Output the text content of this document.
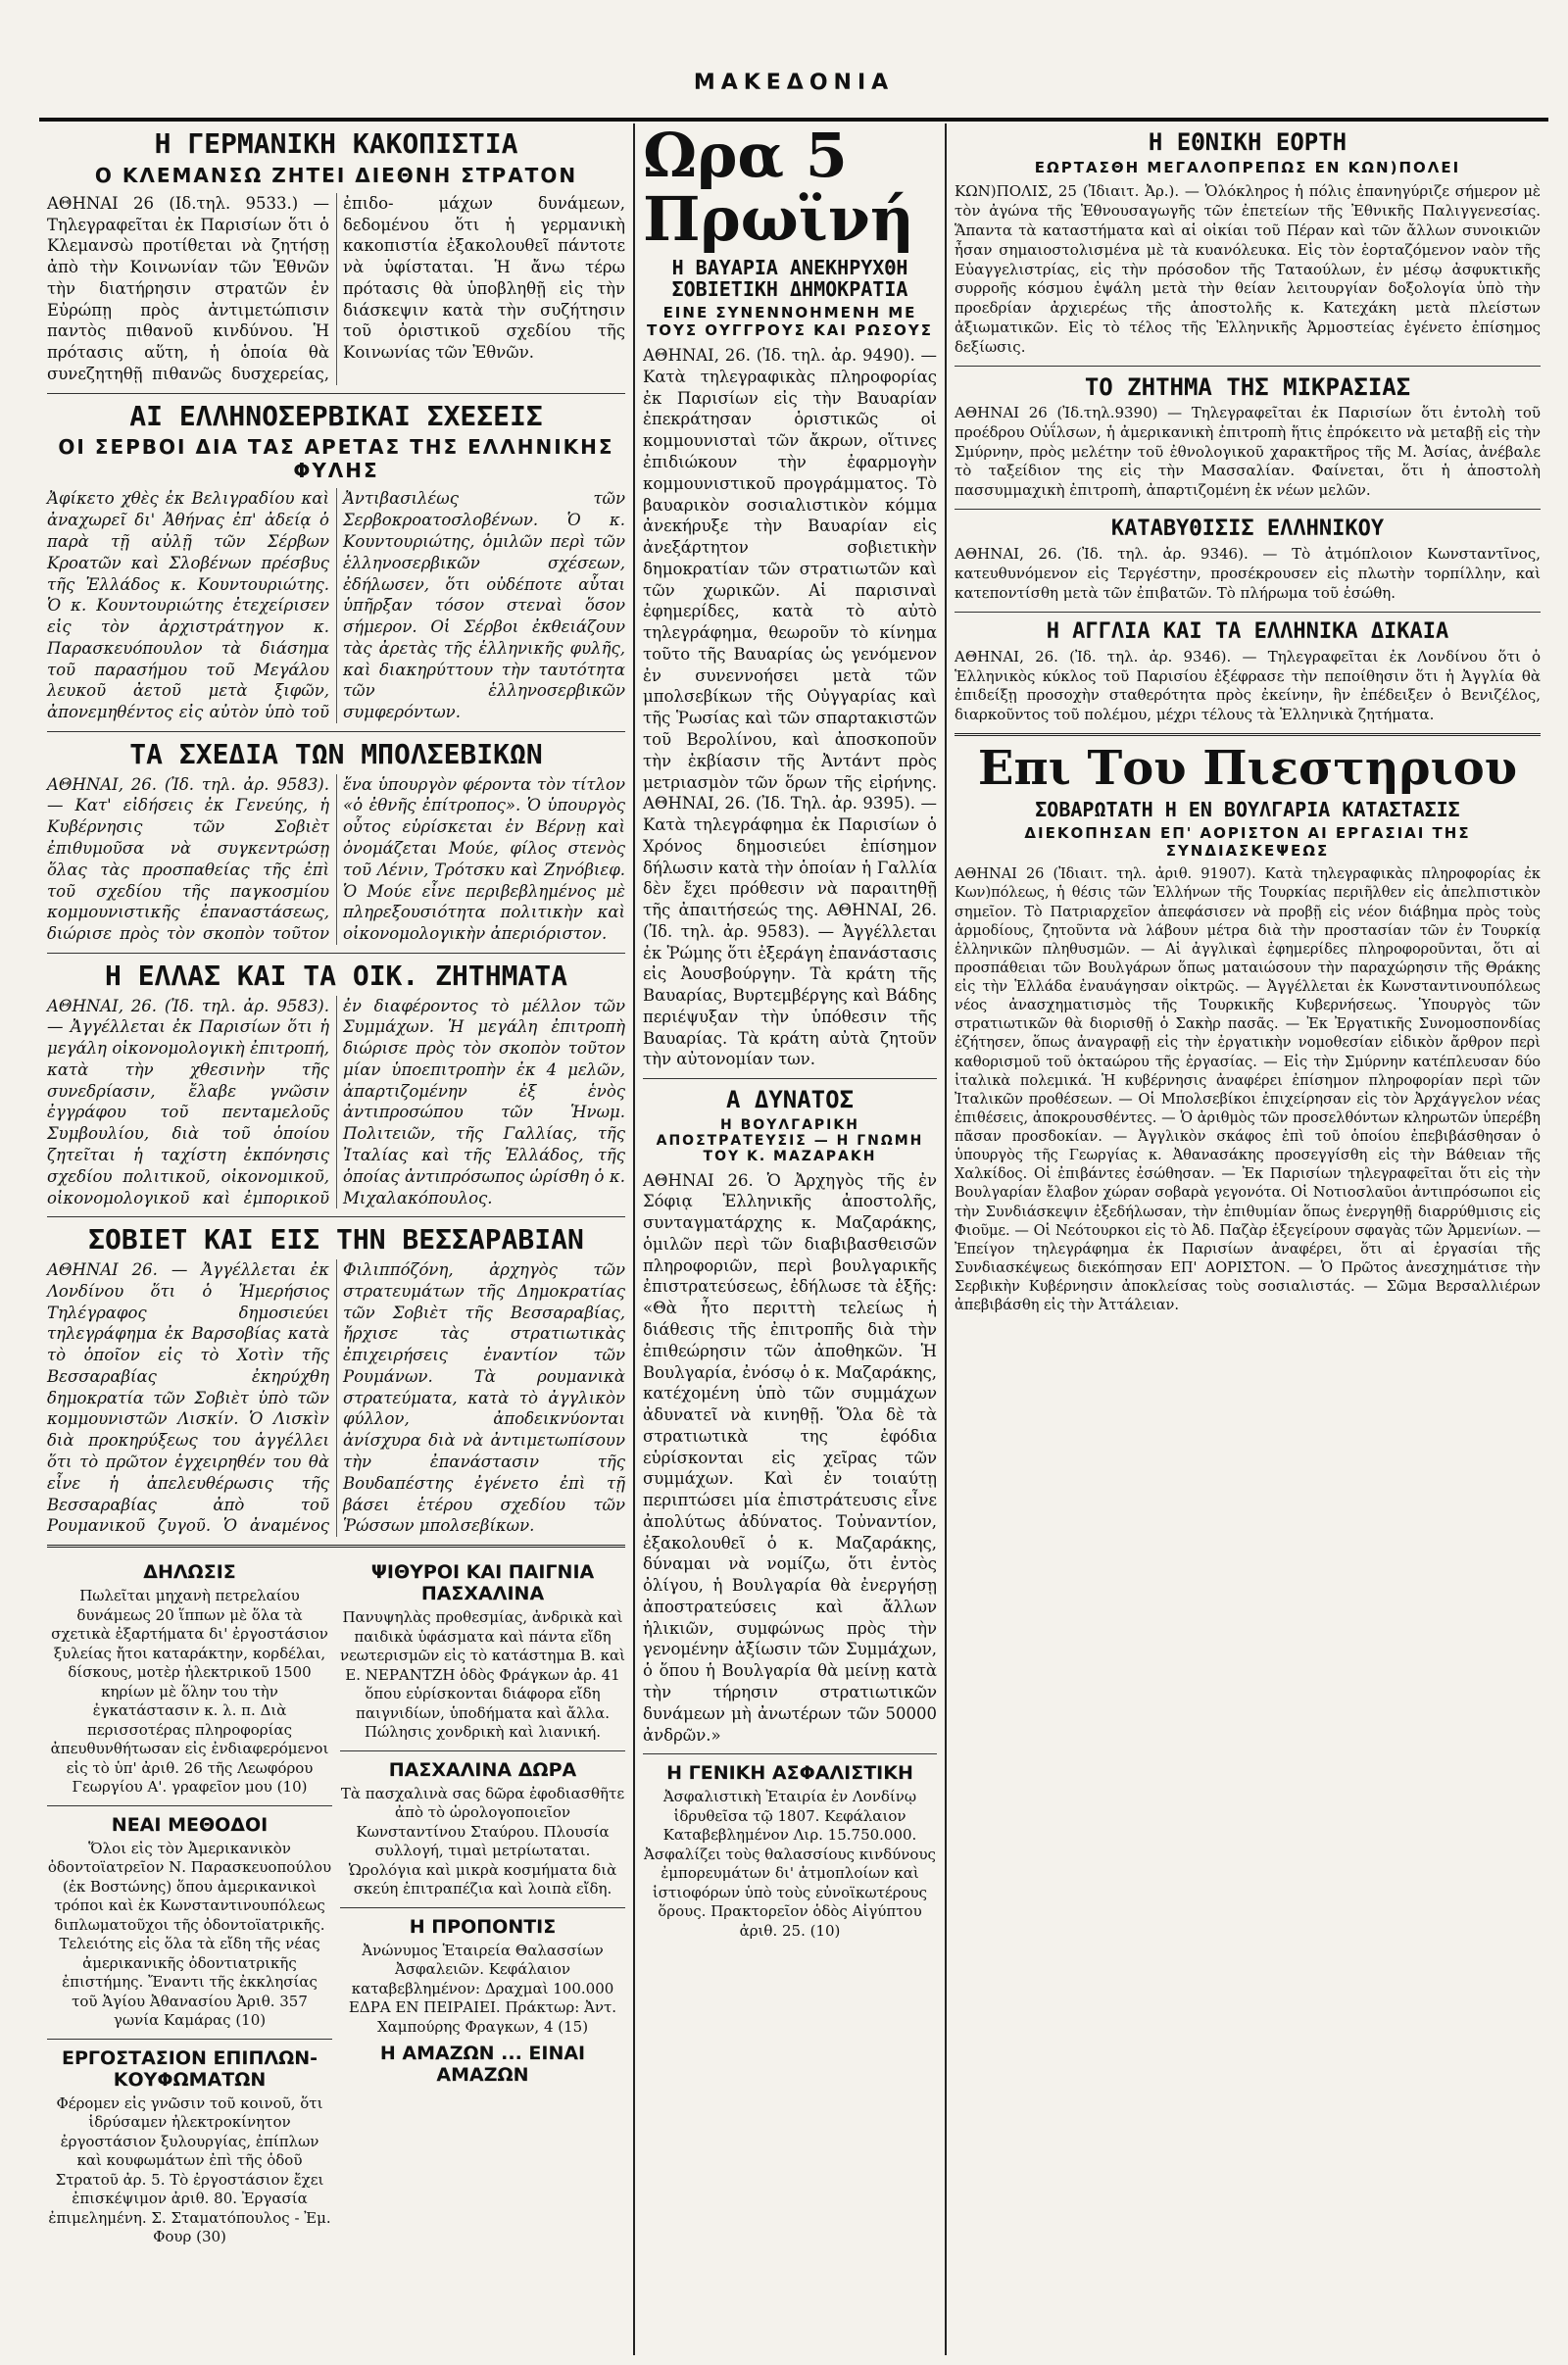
ΜΑΚΕΔΟΝΙΑ
Η ΓΕΡΜΑΝΙΚΗ ΚΑΚΟΠΙΣΤΙΑ
Ο ΚΛΕΜΑΝΣΩ ΖΗΤΕΙ ΔΙΕΘΝΗ ΣΤΡΑΤΟΝ

ΑΘΗΝΑΙ 26 (Ιδ.τηλ. 9533.) — Τηλεγραφεῖται ἐκ Παρισίων ὅτι ὁ Κλεμανσὼ προτίθεται νὰ ζητήσῃ ἀπὸ τὴν Κοινωνίαν τῶν Ἐθνῶν τὴν διατήρησιν στρατῶν ἐν Εὐρώπῃ πρὸς ἀντιμετώπισιν παντὸς πιθανοῦ κινδύνου. Ἡ πρότασις αὕτη, ἡ ὁποία θὰ συνεζητηθῇ πιθανῶς δυσχερείας, ἐπιδο- μάχων δυνάμεων, δεδομένου ὅτι ἡ γερμανικὴ κακοπιστία ἐξακολουθεῖ πάντοτε νὰ ὑφίσταται. Ἡ ἄνω τέρω πρότασις θὰ ὑποβληθῇ εἰς τὴν διάσκεψιν κατὰ τὴν συζήτησιν τοῦ ὀριστικοῦ σχεδίου τῆς Κοινωνίας τῶν Ἐθνῶν.

ΑΙ ΕΛΛΗΝΟΣΕΡΒΙΚΑΙ ΣΧΕΣΕΙΣ
ΟΙ ΣΕΡΒΟΙ ΔΙΑ ΤΑΣ ΑΡΕΤΑΣ ΤΗΣ ΕΛΛΗΝΙΚΗΣ ΦΥΛΗΣ

Ἀφίκετο χθὲς ἐκ Βελιγραδίου καὶ ἀναχωρεῖ δι' Ἀθήνας ἐπ' ἀδείᾳ ὁ παρὰ τῇ αὐλῇ τῶν Σέρβων Κροατῶν καὶ Σλοβένων πρέσβυς τῆς Ἑλλάδος κ. Κουντουριώτης. Ὁ κ. Κουντουριώτης ἐτεχείρισεν εἰς τὸν ἀρχιστράτηγον κ. Παρασκευόπουλον τὰ διάσημα τοῦ παρασήμου τοῦ Μεγάλου λευκοῦ ἀετοῦ μετὰ ξιφῶν, ἀπονεμηθέντος εἰς αὐτὸν ὑπὸ τοῦ Ἀντιβασιλέως τῶν Σερβοκροατοσλοβένων. Ὁ κ. Κουντουριώτης, ὁμιλῶν περὶ τῶν ἑλληνοσερβικῶν σχέσεων, ἐδήλωσεν, ὅτι οὐδέποτε αὗται ὑπῆρξαν τόσον στεναὶ ὅσον σήμερον. Οἱ Σέρβοι ἐκθειάζουν τὰς ἀρετὰς τῆς ἑλληνικῆς φυλῆς, καὶ διακηρύττουν τὴν ταυτότητα τῶν ἑλληνοσερβικῶν συμφερόντων.

ΤΑ ΣΧΕΔΙΑ ΤΩΝ ΜΠΟΛΣΕΒΙΚΩΝ

ΑΘΗΝΑΙ, 26. (Ἰδ. τηλ. ἀρ. 9583). — Κατ' εἰδήσεις ἐκ Γενεύης, ἡ Κυβέρνησις τῶν Σοβιὲτ ἐπιθυμοῦσα νὰ συγκεντρώσῃ ὅλας τὰς προσπαθείας τῆς ἐπὶ τοῦ σχεδίου τῆς παγκοσμίου κομμουνιστικῆς ἐπαναστάσεως, διώρισε πρὸς τὸν σκοπὸν τοῦτον ἕνα ὑπουργὸν φέροντα τὸν τίτλον «ὁ ἐθνῆς ἐπίτροπος». Ὁ ὑπουργὸς οὗτος εὑρίσκεται ἐν Βέρνῃ καὶ ὀνομάζεται Μούε, φίλος στενὸς τοῦ Λένιν, Τρότσκυ καὶ Ζηνόβιεφ. Ὁ Μούε εἶνε περιβεβλημένος μὲ πληρεξουσιότητα πολιτικὴν καὶ οἰκονομολογικὴν ἀπεριόριστον.

Η ΕΛΛΑΣ ΚΑΙ ΤΑ ΟΙΚ. ΖΗΤΗΜΑΤΑ

ΑΘΗΝΑΙ, 26. (Ἰδ. τηλ. ἀρ. 9583). — Ἀγγέλλεται ἐκ Παρισίων ὅτι ἡ μεγάλη οἰκονομολογικὴ ἐπιτροπή, κατὰ τὴν χθεσινὴν τῆς συνεδρίασιν, ἔλαβε γνῶσιν ἐγγράφου τοῦ πενταμελοῦς Συμβουλίου, διὰ τοῦ ὁποίου ζητεῖται ἡ ταχίστη ἐκπόνησις σχεδίου πολιτικοῦ, οἰκονομικοῦ, οἰκονομολογικοῦ καὶ ἐμπορικοῦ ἐν διαφέροντος τὸ μέλλον τῶν Συμμάχων. Ἡ μεγάλη ἐπιτροπὴ διώρισε πρὸς τὸν σκοπὸν τοῦτον μίαν ὑποεπιτροπὴν ἐκ 4 μελῶν, ἀπαρτιζομένην ἐξ ἑνὸς ἀντιπροσώπου τῶν Ἡνωμ. Πολιτειῶν, τῆς Γαλλίας, τῆς Ἰταλίας καὶ τῆς Ἑλλάδος, τῆς ὁποίας ἀντιπρόσωπος ὡρίσθη ὁ κ. Μιχαλακόπουλος.

ΣΟΒΙΕΤ ΚΑΙ ΕΙΣ ΤΗΝ ΒΕΣΣΑΡΑΒΙΑΝ

ΑΘΗΝΑΙ 26. — Ἀγγέλλεται ἐκ Λονδίνου ὅτι ὁ Ἡμερήσιος Τηλέγραφος δημοσιεύει τηλεγράφημα ἐκ Βαρσοβίας κατὰ τὸ ὁποῖον εἰς τὸ Χοτὶν τῆς Βεσσαραβίας ἐκηρύχθη δημοκρατία τῶν Σοβιὲτ ὑπὸ τῶν κομμουνιστῶν Λισκίν. Ὁ Λισκὶν διὰ προκηρύξεως του ἀγγέλλει ὅτι τὸ πρῶτον ἐγχειρηθέν του θὰ εἶνε ἡ ἀπελευθέρωσις τῆς Βεσσαραβίας ἀπὸ τοῦ Ρουμανικοῦ ζυγοῦ. Ὁ ἀναμένος Φιλιππόζόνη, ἀρχηγὸς τῶν στρατευμάτων τῆς Δημοκρατίας τῶν Σοβιὲτ τῆς Βεσσαραβίας, ἤρχισε τὰς στρατιωτικὰς ἐπιχειρήσεις ἐναντίον τῶν Ρουμάνων. Τὰ ρουμανικὰ στρατεύματα, κατὰ τὸ ἀγγλικὸν φύλλον, ἀποδεικνύονται ἀνίσχυρα διὰ νὰ ἀντιμετωπίσουν τὴν ἐπανάστασιν τῆς Βουδαπέστης ἐγένετο ἐπὶ τῇ βάσει ἑτέρου σχεδίου τῶν Ῥώσσων μπολσεβίκων.

ΔΗΛΩΣΙΣ

Πωλεῖται μηχανὴ πετρελαίου δυνάμεως 20 ἵππων μὲ ὅλα τὰ σχετικὰ ἐξαρτήματα δι' ἐργοστάσιον ξυλείας ἤτοι καταράκτην, κορδέλαι, δίσκους, μοτὲρ ἠλεκτρικοῦ 1500 κηρίων μὲ ὅλην του τὴν ἐγκατάστασιν κ. λ. π. Διὰ περισσοτέρας πληροφορίας ἀπευθυνθήτωσαν εἰς ἐνδιαφερόμενοι εἰς τὸ ὑπ' ἀριθ. 26 τῆς Λεωφόρου Γεωργίου Α'. γραφεῖον μου (10)

ΝΕΑΙ ΜΕΘΟΔΟΙ

Ὅλοι εἰς τὸν Ἀμερικανικὸν ὀδοντοϊατρεῖον Ν. Παρασκευοπούλου (ἐκ Βοστώνης) ὅπου ἀμερικανικοὶ τρόποι καὶ ἐκ Κωνσταντινουπόλεως διπλωματοῦχοι τῆς ὀδοντοϊατρικῆς. Τελειότης εἰς ὅλα τὰ εἴδη τῆς νέας ἀμερικανικῆς ὀδοντιατρικῆς ἐπιστήμης. Ἔναντι τῆς ἐκκλησίας τοῦ Ἁγίου Ἀθανασίου Ἀριθ. 357 γωνία Καμάρας (10)

ΕΡΓΟΣΤΑΣΙΟΝ ΕΠΙΠΛΩΝ-ΚΟΥΦΩΜΑΤΩΝ

Φέρομεν εἰς γνῶσιν τοῦ κοινοῦ, ὅτι ἱδρύσαμεν ἠλεκτροκίνητον ἐργοστάσιον ξυλουργίας, ἐπίπλων καὶ κουφωμάτων ἐπὶ τῆς ὁδοῦ Στρατοῦ ἀρ. 5. Τὸ ἐργοστάσιον ἔχει ἐπισκέψιμον ἀριθ. 80. Ἐργασία ἐπιμελημένη. Σ. Σταματόπουλος - Ἐμ. Φουρ (30)

ΨΙΘΥΡΟΙ ΚΑΙ ΠΑΙΓΝΙΑ ΠΑΣΧΑΛΙΝΑ

Πανυψηλὰς προθεσμίας, ἀνδρικὰ καὶ παιδικὰ ὑφάσματα καὶ πάντα εἴδη νεωτερισμῶν εἰς τὸ κατάστημα Β. καὶ Ε. ΝΕΡΑΝΤΖΗ ὁδὸς Φράγκων ἀρ. 41 ὅπου εὑρίσκονται διάφορα εἴδη παιγνιδίων, ὑποδήματα καὶ ἄλλα. Πώλησις χονδρικὴ καὶ λιανική.

ΠΑΣΧΑΛΙΝΑ ΔΩΡΑ

Τὰ πασχαλινὰ σας δῶρα ἐφοδιασθῆτε ἀπὸ τὸ ὡρολογοποιεῖον Κωνσταντίνου Σταύρου. Πλουσία συλλογή, τιμαὶ μετρίωταται. Ὡρολόγια καὶ μικρὰ κοσμήματα διὰ σκεύη ἐπιτραπέζια καὶ λοιπὰ εἴδη.

Η ΠΡΟΠΟΝΤΙΣ

Ἀνώνυμος Ἑταιρεία Θαλασσίων Ἀσφαλειῶν. Κεφάλαιον καταβεβλημένον: Δραχμαὶ 100.000 ΕΔΡΑ ΕΝ ΠΕΙΡΑΙΕΙ. Πράκτωρ: Ἀντ. Χαμπούρης Φραγκων, 4 (15)

Η ΑΜΑΖΩΝ ... ΕΙΝΑΙ ΑΜΑΖΩΝ

Ωρα 5 Πρωϊνή

Η ΒΑΥΑΡΙΑ ΑΝΕΚΗΡΥΧΘΗ ΣΟΒΙΕΤΙΚΗ ΔΗΜΟΚΡΑΤΙΑ
ΕΙΝΕ ΣΥΝΕΝΝΟΗΜΕΝΗ ΜΕ ΤΟΥΣ ΟΥΓΓΡΟΥΣ ΚΑΙ ΡΩΣΟΥΣ

ΑΘΗΝΑΙ, 26. (Ἰδ. τηλ. ἀρ. 9490). — Κατὰ τηλεγραφικὰς πληροφορίας ἐκ Παρισίων εἰς τὴν Βαυαρίαν ἐπεκράτησαν ὁριστικῶς οἱ κομμουνισταὶ τῶν ἄκρων, οἵτινες ἐπιδιώκουν τὴν ἐφαρμογὴν κομμουνιστικοῦ προγράμματος. Τὸ βαυαρικὸν σοσιαλιστικὸν κόμμα ἀνεκήρυξε τὴν Βαυαρίαν εἰς ἀνεξάρτητον σοβιετικὴν δημοκρατίαν τῶν στρατιωτῶν καὶ τῶν χωρικῶν. Αἱ παρισιναὶ ἐφημερίδες, κατὰ τὸ αὐτὸ τηλεγράφημα, θεωροῦν τὸ κίνημα τοῦτο τῆς Βαυαρίας ὡς γενόμενον ἐν συνεννοήσει μετὰ τῶν μπολσεβίκων τῆς Οὐγγαρίας καὶ τῆς Ῥωσίας καὶ τῶν σπαρτακιστῶν τοῦ Βερολίνου, καὶ ἀποσκοποῦν τὴν ἐκβίασιν τῆς Ἀντάντ πρὸς μετριασμὸν τῶν ὅρων τῆς εἰρήνης. ΑΘΗΝΑΙ, 26. (Ἰδ. Τηλ. ἀρ. 9395). — Κατὰ τηλεγράφημα ἐκ Παρισίων ὁ Χρόνος δημοσιεύει ἐπίσημον δήλωσιν κατὰ τὴν ὁποίαν ἡ Γαλλία δὲν ἔχει πρόθεσιν νὰ παραιτηθῇ τῆς ἀπαιτήσεώς της. ΑΘΗΝΑΙ, 26. (Ἰδ. τηλ. ἀρ. 9583). — Ἀγγέλλεται ἐκ Ῥώμης ὅτι ἐξεράγη ἐπανάστασις εἰς Ἀουσβούργην. Τὰ κράτη τῆς Βαυαρίας, Βυρτεμβέργης καὶ Βάδης περιέψυξαν τὴν ὑπόθεσιν τῆς Βαυαρίας. Τὰ κράτη αὐτὰ ζητοῦν τὴν αὐτονομίαν των.

Α ΔΥΝΑΤΟΣ
Η ΒΟΥΛΓΑΡΙΚΗ ΑΠΟΣΤΡΑΤΕΥΣΙΣ — Η ΓΝΩΜΗ ΤΟΥ Κ. ΜΑΖΑΡΑΚΗ

ΑΘΗΝΑΙ 26. Ὁ Ἀρχηγὸς τῆς ἐν Σόφιᾳ Ἑλληνικῆς ἀποστολῆς, συνταγματάρχης κ. Μαζαράκης, ὁμιλῶν περὶ τῶν διαβιβασθεισῶν πληροφοριῶν, περὶ βουλγαρικῆς ἐπιστρατεύσεως, ἐδήλωσε τὰ ἑξῆς: «Θὰ ἦτο περιττὴ τελείως ἡ διάθεσις τῆς ἐπιτροπῆς διὰ τὴν ἐπιθεώρησιν τῶν ἀποθηκῶν. Ἡ Βουλγαρία, ἐνόσῳ ὁ κ. Μαζαράκης, κατέχομένη ὑπὸ τῶν συμμάχων ἀδυνατεῖ νὰ κινηθῇ. Ὅλα δὲ τὰ στρατιωτικὰ της ἐφόδια εὑρίσκονται εἰς χεῖρας τῶν συμμάχων. Καὶ ἐν τοιαύτῃ περιπτώσει μία ἐπιστράτευσις εἶνε ἀπολύτως ἀδύνατος. Τοὐναντίον, ἐξακολουθεῖ ὁ κ. Μαζαράκης, δύναμαι νὰ νομίζω, ὅτι ἐντὸς ὀλίγου, ἡ Βουλγαρία θὰ ἐνεργήσῃ ἀποστρατεύσεις καὶ ἄλλων ἡλικιῶν, συμφώνως πρὸς τὴν γενομένην ἀξίωσιν τῶν Συμμάχων, ὁ ὅπου ἡ Βουλγαρία θὰ μείνῃ κατὰ τὴν τήρησιν στρατιωτικῶν δυνάμεων μὴ ἀνωτέρων τῶν 50000 ἀνδρῶν.»

Η ΓΕΝΙΚΗ ΑΣΦΑΛΙΣΤΙΚΗ

Ἀσφαλιστικὴ Ἑταιρία ἐν Λονδίνῳ ἱδρυθεῖσα τῷ 1807. Κεφάλαιον Καταβεβλημένον Λιρ. 15.750.000. Ἀσφαλίζει τοὺς θαλασσίους κινδύνους ἐμπορευμάτων δι' ἀτμοπλοίων καὶ ἱστιοφόρων ὑπὸ τοὺς εὐνοϊκωτέρους ὅρους. Πρακτορεῖον ὁδὸς Αἰγύπτου ἀριθ. 25. (10)

Η ΕΘΝΙΚΗ ΕΟΡΤΗ
ΕΩΡΤΑΣΘΗ ΜΕΓΑΛΟΠΡΕΠΩΣ ΕΝ ΚΩΝ)ΠΟΛΕΙ

ΚΩΝ)ΠΟΛΙΣ, 25 (Ἰδιαιτ. Ἀρ.). — Ὁλόκληρος ἡ πόλις ἐπανηγύριζε σήμερον μὲ τὸν ἀγώνα τῆς Ἑθνουσαγωγῆς τῶν ἐπετείων τῆς Ἐθνικῆς Παλιγγενεσίας. Ἅπαντα τὰ καταστήματα καὶ αἱ οἰκίαι τοῦ Πέραν καὶ τῶν ἄλλων συνοικιῶν ἦσαν σημαιοστολισμένα μὲ τὰ κυανόλευκα. Εἰς τὸν ἑορταζόμενον ναὸν τῆς Εὐαγγελιστρίας, εἰς τὴν πρόσοδον τῆς Ταταούλων, ἐν μέσῳ ἀσφυκτικῆς συρροῆς κόσμου ἐψάλη μετὰ τὴν θείαν λειτουργίαν δοξολογία ὑπὸ τὴν προεδρίαν ἀρχιερέως τῆς ἀποστολῆς κ. Κατεχάκη μετὰ πλείστων ἀξιωματικῶν. Εἰς τὸ τέλος τῆς Ἑλληνικῆς Ἀρμοστείας ἐγένετο ἐπίσημος δεξίωσις.

ΤΟ ΖΗΤΗΜΑ ΤΗΣ ΜΙΚΡΑΣΙΑΣ

ΑΘΗΝΑΙ 26 (Ἰδ.τηλ.9390) — Τηλεγραφεῖται ἐκ Παρισίων ὅτι ἐντολὴ τοῦ προέδρου Οὐΐλσων, ἡ ἀμερικανικὴ ἐπιτροπὴ ἥτις ἐπρόκειτο νὰ μεταβῇ εἰς τὴν Σμύρνην, πρὸς μελέτην τοῦ ἐθνολογικοῦ χαρακτῆρος τῆς Μ. Ἀσίας, ἀνέβαλε τὸ ταξείδιον της εἰς τὴν Μασσαλίαν. Φαίνεται, ὅτι ἡ ἀποστολὴ πασσυμμαχικὴ ἐπιτροπὴ, ἀπαρτιζομένη ἐκ νέων μελῶν.

ΚΑΤΑΒΥΘΙΣΙΣ ΕΛΛΗΝΙΚΟΥ

ΑΘΗΝΑΙ, 26. (Ἰδ. τηλ. ἀρ. 9346). — Τὸ ἀτμόπλοιον Κωνσταντῖνος, κατευθυνόμενον εἰς Τεργέστην, προσέκρουσεν εἰς πλωτὴν τορπίλλην, καὶ κατεποντίσθη μετὰ τῶν ἐπιβατῶν. Τὸ πλήρωμα τοῦ ἐσώθη.

Η ΑΓΓΛΙΑ ΚΑΙ ΤΑ ΕΛΛΗΝΙΚΑ ΔΙΚΑΙΑ

ΑΘΗΝΑΙ, 26. (Ἰδ. τηλ. ἀρ. 9346). — Τηλεγραφεῖται ἐκ Λονδίνου ὅτι ὁ Ἑλληνικὸς κύκλος τοῦ Παρισίου ἐξέφρασε τὴν πεποίθησιν ὅτι ἡ Ἀγγλία θὰ ἐπιδείξῃ προσοχὴν σταθερότητα πρὸς ἐκείνην, ἣν ἐπέδειξεν ὁ Βενιζέλος, διαρκοῦντος τοῦ πολέμου, μέχρι τέλους τὰ Ἑλληνικὰ ζητήματα.

Επι Του Πιεστηριου

ΣΟΒΑΡΩΤΑΤΗ Η ΕΝ ΒΟΥΛΓΑΡΙΑ ΚΑΤΑΣΤΑΣΙΣ
ΔΙΕΚΟΠΗΣΑΝ ΕΠ' ΑΟΡΙΣΤΟΝ ΑΙ ΕΡΓΑΣΙΑΙ ΤΗΣ ΣΥΝΔΙΑΣΚΕΨΕΩΣ

ΑΘΗΝΑΙ 26 (Ἰδιαιτ. τηλ. ἀριθ. 91907). Κατὰ τηλεγραφικὰς πληροφορίας ἐκ Κων)πόλεως, ἡ θέσις τῶν Ἑλλήνων τῆς Τουρκίας περιῆλθεν εἰς ἀπελπιστικὸν σημεῖον. Τὸ Πατριαρχεῖον ἀπεφάσισεν νὰ προβῇ εἰς νέον διάβημα πρὸς τοὺς ἁρμοδίους, ζητοῦντα νὰ λάβουν μέτρα διὰ τὴν προστασίαν τῶν ἐν Τουρκίᾳ ἑλληνικῶν πληθυσμῶν. — Αἱ ἀγγλικαὶ ἐφημερίδες πληροφοροῦνται, ὅτι αἱ προσπάθειαι τῶν Βουλγάρων ὅπως ματαιώσουν τὴν παραχώρησιν τῆς Θράκης εἰς τὴν Ἑλλάδα ἐναυάγησαν οἰκτρῶς. — Ἀγγέλλεται ἐκ Κωνσταντινουπόλεως νέος ἀνασχηματισμὸς τῆς Τουρκικῆς Κυβερνήσεως. Ὑπουργὸς τῶν στρατιωτικῶν θὰ διορισθῇ ὁ Σακὴρ πασᾶς. — Ἐκ Ἐργατικῆς Συνομοσπονδίας ἐζήτησεν, ὅπως ἀναγραφῇ εἰς τὴν ἐργατικὴν νομοθεσίαν εἰδικὸν ἄρθρον περὶ καθορισμοῦ τοῦ ὀκταώρου τῆς ἐργασίας. — Εἰς τὴν Σμύρνην κατέπλευσαν δύο ἰταλικὰ πολεμικά. Ἡ κυβέρνησις ἀναφέρει ἐπίσημον πληροφορίαν περὶ τῶν Ἰταλικῶν προθέσεων. — Οἱ Μπολσεβίκοι ἐπιχείρησαν εἰς τὸν Ἀρχάγγελον νέας ἐπιθέσεις, ἀποκρουσθέντες. — Ὁ ἀριθμὸς τῶν προσελθόντων κληρωτῶν ὑπερέβη πᾶσαν προσδοκίαν. — Ἀγγλικὸν σκάφος ἐπὶ τοῦ ὁποίου ἐπεβιβάσθησαν ὁ ὑπουργὸς τῆς Γεωργίας κ. Ἀθανασάκης προσεγγίσθη εἰς τὴν Βάθειαν τῆς Χαλκίδος. Οἱ ἐπιβάντες ἐσώθησαν. — Ἐκ Παρισίων τηλεγραφεῖται ὅτι εἰς τὴν Βουλγαρίαν ἔλαβον χώραν σοβαρὰ γεγονότα. Οἱ Νοτιοσλαῦοι ἀντιπρόσωποι εἰς τὴν Συνδιάσκεψιν ἐξεδήλωσαν, τὴν ἐπιθυμίαν ὅπως ἐνεργηθῇ διαρρύθμισις εἰς Φιοῦμε. — Οἱ Νεότουρκοι εἰς τὸ Ἀδ. Παζὰρ ἐξεγείρουν σφαγὰς τῶν Ἀρμενίων. — Ἐπείγον τηλεγράφημα ἐκ Παρισίων ἀναφέρει, ὅτι αἱ ἐργασίαι τῆς Συνδιασκέψεως διεκόπησαν ΕΠ' ΑΟΡΙΣΤΟΝ. — Ὁ Πρῶτος ἀνεσχημάτισε τὴν Σερβικὴν Κυβέρνησιν ἀποκλείσας τοὺς σοσιαλιστάς. — Σῶμα Βερσαλλιέρων ἀπεβιβάσθη εἰς τὴν Ἀττάλειαν.
